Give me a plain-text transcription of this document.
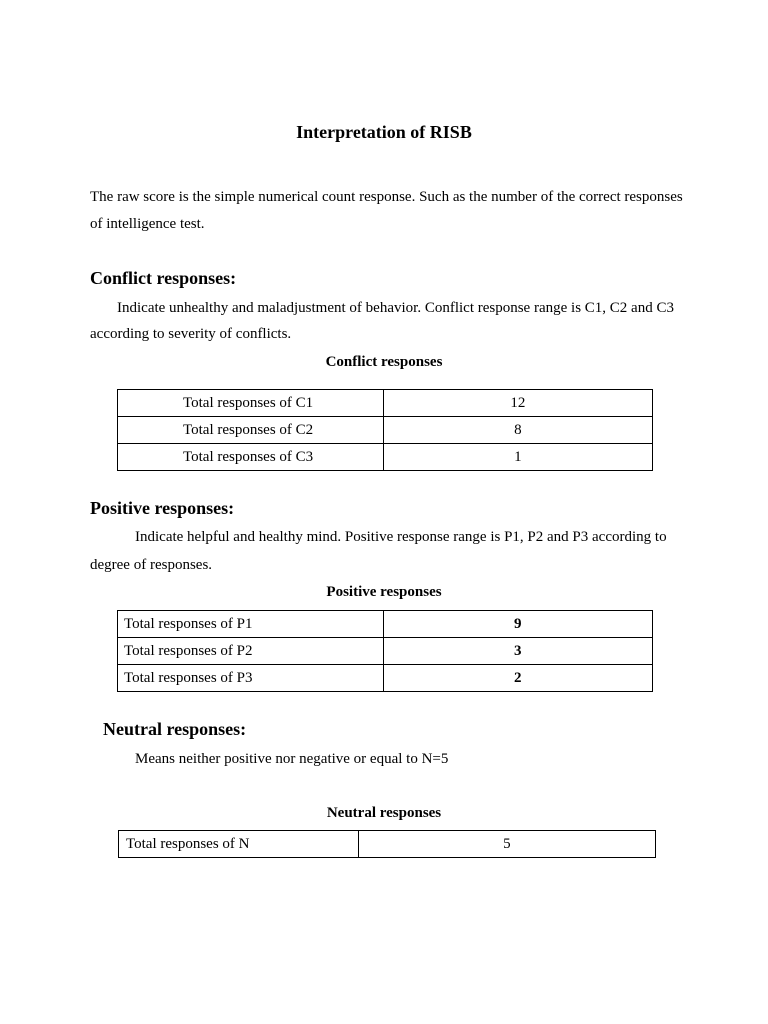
Interpretation of RISB
The raw score is the simple numerical count response. Such as the number of the correct responses
of intelligence test.
Conflict responses:
Indicate unhealthy and maladjustment of behavior. Conflict response range is C1, C2 and C3
according to severity of conflicts.
Conflict responses
Total responses of C1	12
Total responses of C2	8
Total responses of C3	1
Positive responses:
Indicate helpful and healthy mind. Positive response range is P1, P2 and P3 according to
degree of responses.
Positive responses
Total responses of P1	9
Total responses of P2	3
Total responses of P3	2
Neutral responses:
Means neither positive nor negative or equal to N=5
Neutral responses
Total responses of N	5
